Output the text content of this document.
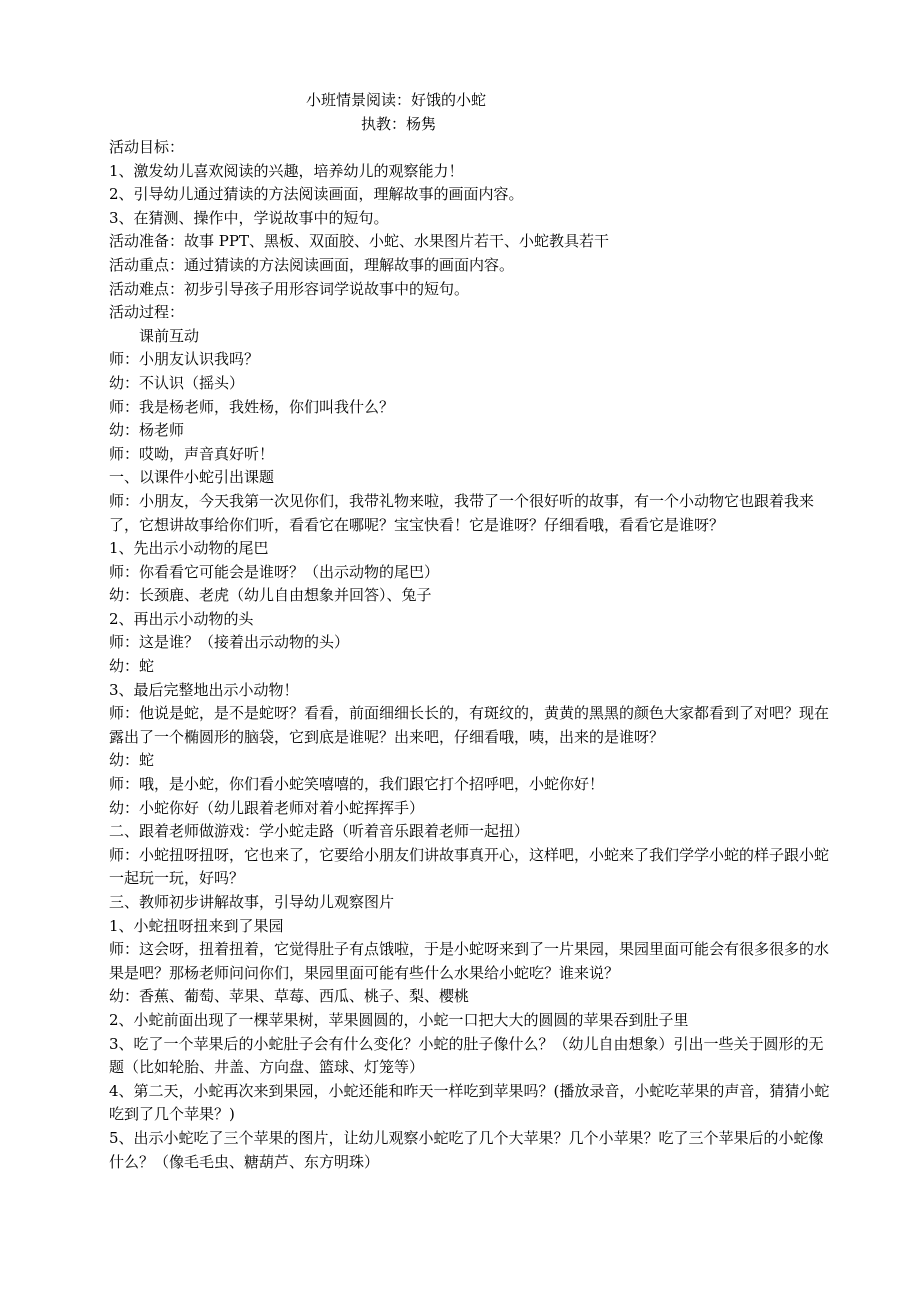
小班情景阅读：好饿的小蛇
执教：杨隽

活动目标：

1、激发幼儿喜欢阅读的兴趣，培养幼儿的观察能力！

2、引导幼儿通过猜读的方法阅读画面，理解故事的画面内容。

3、在猜测、操作中，学说故事中的短句。

活动准备：故事 PPT、黑板、双面胶、小蛇、水果图片若干、小蛇教具若干

活动重点：通过猜读的方法阅读画面，理解故事的画面内容。

活动难点：初步引导孩子用形容词学说故事中的短句。

活动过程：

课前互动

师：小朋友认识我吗？

幼：不认识（摇头）

师：我是杨老师，我姓杨，你们叫我什么？

幼：杨老师

师：哎呦，声音真好听！

一、以课件小蛇引出课题

师：小朋友，今天我第一次见你们，我带礼物来啦，我带了一个很好听的故事，有一个小动物它也跟着我来了，它想讲故事给你们听，看看它在哪呢？宝宝快看！它是谁呀？仔细看哦，看看它是谁呀？

1、先出示小动物的尾巴

师：你看看它可能会是谁呀？（出示动物的尾巴）

幼：长颈鹿、老虎（幼儿自由想象并回答）、兔子

2、再出示小动物的头

师：这是谁？（接着出示动物的头）

幼：蛇

3、最后完整地出示小动物！

师：他说是蛇，是不是蛇呀？看看，前面细细长长的，有斑纹的，黄黄的黑黑的颜色大家都看到了对吧？现在露出了一个椭圆形的脑袋，它到底是谁呢？出来吧，仔细看哦，咦，出来的是谁呀？

幼：蛇

师：哦，是小蛇，你们看小蛇笑嘻嘻的，我们跟它打个招呼吧，小蛇你好！

幼：小蛇你好（幼儿跟着老师对着小蛇挥挥手）

二、跟着老师做游戏：学小蛇走路（听着音乐跟着老师一起扭）

师：小蛇扭呀扭呀，它也来了，它要给小朋友们讲故事真开心，这样吧，小蛇来了我们学学小蛇的样子跟小蛇一起玩一玩，好吗？

三、教师初步讲解故事，引导幼儿观察图片

1、小蛇扭呀扭来到了果园

师：这会呀，扭着扭着，它觉得肚子有点饿啦，于是小蛇呀来到了一片果园，果园里面可能会有很多很多的水果是吧？那杨老师问问你们，果园里面可能有些什么水果给小蛇吃？谁来说？

幼：香蕉、葡萄、苹果、草莓、西瓜、桃子、梨、樱桃

2、小蛇前面出现了一棵苹果树，苹果圆圆的，小蛇一口把大大的圆圆的苹果吞到肚子里

3、吃了一个苹果后的小蛇肚子会有什么变化？小蛇的肚子像什么？（幼儿自由想象）引出一些关于圆形的无题（比如轮胎、井盖、方向盘、篮球、灯笼等）

4、第二天，小蛇再次来到果园，小蛇还能和昨天一样吃到苹果吗？(播放录音，小蛇吃苹果的声音，猜猜小蛇吃到了几个苹果？)

5、出示小蛇吃了三个苹果的图片，让幼儿观察小蛇吃了几个大苹果？几个小苹果？吃了三个苹果后的小蛇像什么？（像毛毛虫、糖葫芦、东方明珠）
